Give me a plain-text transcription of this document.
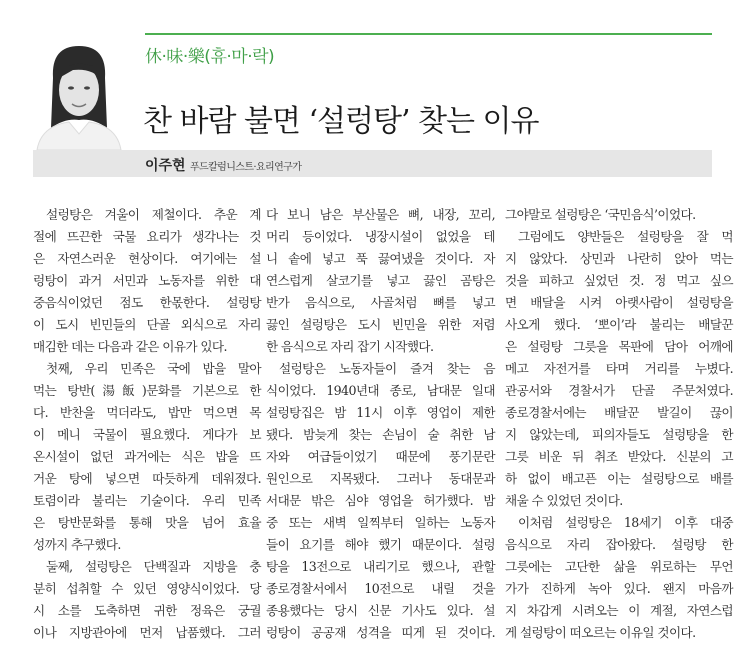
休·味·樂(휴·마·락)
찬 바람 불면 ‘설렁탕’ 찾는 이유
이주현 푸드칼럼니스트·요리연구가
설렁탕은 겨울이 제철이다. 추운 계
절에 뜨끈한 국물 요리가 생각나는 것
은 자연스러운 현상이다. 여기에는 설
렁탕이 과거 서민과 노동자를 위한 대
중음식이었던 점도 한몫한다. 설렁탕
이 도시 빈민들의 단골 외식으로 자리
매김한 데는 다음과 같은 이유가 있다.
첫째, 우리 민족은 국에 밥을 말아
먹는 탕반(湯飯)문화를 기본으로 한
다. 반찬을 먹더라도, 밥만 먹으면 목
이 메니 국물이 필요했다. 게다가 보
온시설이 없던 과거에는 식은 밥을 뜨
거운 탕에 넣으면 따듯하게 데워졌다.
토렴이라 불리는 기술이다. 우리 민족
은 탕반문화를 통해 맛을 넘어 효율
성까지 추구했다.
둘째, 설렁탕은 단백질과 지방을 충
분히 섭취할 수 있던 영양식이었다. 당
시 소를 도축하면 귀한 정육은 궁궐
이나 지방관아에 먼저 납품했다. 그러
다 보니 남은 부산물은 뼈, 내장, 꼬리,
머리 등이었다. 냉장시설이 없었을 테
니 솥에 넣고 푹 끓여냈을 것이다. 자
연스럽게 살코기를 넣고 끓인 곰탕은
반가 음식으로, 사골처럼 뼈를 넣고
끓인 설렁탕은 도시 빈민을 위한 저렴
한 음식으로 자리 잡기 시작했다.
설렁탕은 노동자들이 즐겨 찾는 음
식이었다. 1940년대 종로, 남대문 일대
설렁탕집은 밤 11시 이후 영업이 제한
됐다. 밤늦게 찾는 손님이 술 취한 남
자와 여급들이었기 때문에 풍기문란
원인으로 지목됐다. 그러나 동대문과
서대문 밖은 심야 영업을 허가했다. 밤
중 또는 새벽 일찍부터 일하는 노동자
들이 요기를 해야 했기 때문이다. 설렁
탕을 13전으로 내리기로 했으나, 관할
종로경찰서에서 10전으로 내릴 것을
종용했다는 당시 신문 기사도 있다. 설
렁탕이 공공재 성격을 띠게 된 것이다.
그야말로 설렁탕은 ‘국민음식’이었다.
그럼에도 양반들은 설렁탕을 잘 먹
지 않았다. 상민과 나란히 앉아 먹는
것을 피하고 싶었던 것. 정 먹고 싶으
면 배달을 시켜 아랫사람이 설렁탕을
사오게 했다. ‘뽀이’라 불리는 배달꾼
은 설렁탕 그릇을 목판에 담아 어깨에
메고 자전거를 타며 거리를 누볐다.
관공서와 경찰서가 단골 주문처였다.
종로경찰서에는 배달꾼 발길이 끊이
지 않았는데, 피의자들도 설렁탕을 한
그릇 비운 뒤 취조 받았다. 신분의 고
하 없이 배고픈 이는 설렁탕으로 배를
채울 수 있었던 것이다.
이처럼 설렁탕은 18세기 이후 대중
음식으로 자리 잡아왔다. 설렁탕 한
그릇에는 고단한 삶을 위로하는 무언
가가 진하게 녹아 있다. 왠지 마음까
지 차갑게 시려오는 이 계절, 자연스럽
게 설렁탕이 떠오르는 이유일 것이다.
